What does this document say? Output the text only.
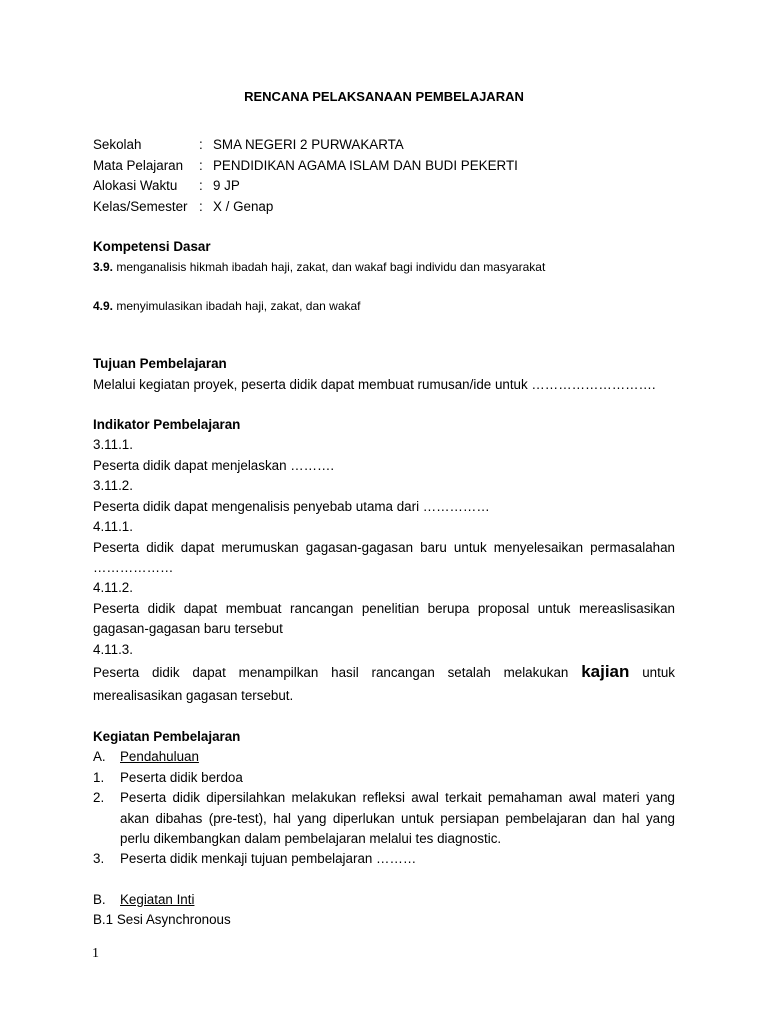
RENCANA PELAKSANAAN PEMBELAJARAN
Sekolah	: SMA NEGERI 2 PURWAKARTA
Mata Pelajaran	: PENDIDIKAN AGAMA ISLAM DAN BUDI PEKERTI
Alokasi Waktu	: 9 JP
Kelas/Semester : X / Genap
Kompetensi Dasar
3.9. menganalisis hikmah ibadah haji, zakat, dan wakaf bagi individu dan masyarakat
4.9. menyimulasikan ibadah haji, zakat, dan wakaf
Tujuan Pembelajaran
Melalui kegiatan proyek, peserta didik dapat membuat rumusan/ide untuk ……………………….
Indikator Pembelajaran
3.11.1.
Peserta didik dapat menjelaskan ……….
3.11.2.
Peserta didik dapat mengenalisis penyebab utama dari ……………
4.11.1.
Peserta didik dapat merumuskan gagasan-gagasan baru untuk menyelesaikan permasalahan ………………
4.11.2.
Peserta didik dapat membuat rancangan penelitian berupa proposal untuk mereaslisasikan gagasan-gagasan baru tersebut
4.11.3.
Peserta didik dapat menampilkan hasil rancangan setalah melakukan kajian untuk merealisasikan gagasan tersebut.
Kegiatan Pembelajaran
A.	Pendahuluan
1.	Peserta didik berdoa
2.	Peserta didik dipersilahkan melakukan refleksi awal terkait pemahaman awal materi yang akan dibahas (pre-test), hal yang diperlukan untuk persiapan pembelajaran dan hal yang perlu dikembangkan dalam pembelajaran melalui tes diagnostic.
3.	Peserta didik menkaji tujuan pembelajaran ………
B.	Kegiatan Inti
B.1 Sesi Asynchronous
1
